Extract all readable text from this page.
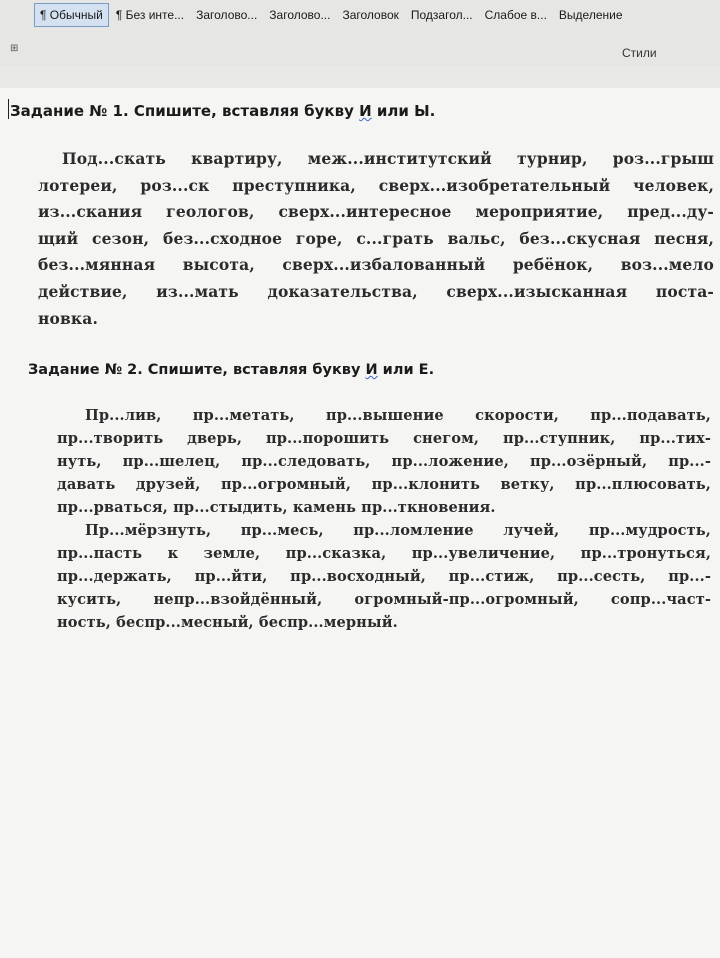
¶ Обычный	¶ Без инте...	Заголово...	Заголово...	Заголовок	Подзагол...	Слабое в...	Выделение
⊞	Стили
Задание № 1. Спишите, вставляя букву И или Ы.
Под...скать квартиру, меж...институтский турнир, роз...грыш
лотереи, роз...ск преступника, сверх...изобретательный человек,
из...скания геологов, сверх...интересное мероприятие, пред...ду-
щий сезон, без...сходное горе, с...грать вальс, без...скусная песня,
без...мянная высота, сверх...избалованный ребёнок, воз...мело
действие, из...мать доказательства, сверх...изысканная поста-
новка.
Задание № 2. Спишите, вставляя букву И или Е.
Пр...лив, пр...метать, пр...вышение скорости, пр...подавать,
пр...творить дверь, пр...порошить снегом, пр...ступник, пр...тих-
нуть, пр...шелец, пр...следовать, пр...ложение, пр...озёрный, пр...-
давать друзей, пр...огромный, пр...клонить ветку, пр...плюсовать,
пр...рваться, пр...стыдить, камень пр...ткновения.
Пр...мёрзнуть, пр...месь, пр...ломление лучей, пр...мудрость,
пр...пасть к земле, пр...сказка, пр...увеличение, пр...тронуться,
пр...держать, пр...йти, пр...восходный, пр...стиж, пр...сесть, пр...-
кусить, непр...взойдённый, огромный-пр...огромный, сопр...част-
ность, беспр...месный, беспр...мерный.
